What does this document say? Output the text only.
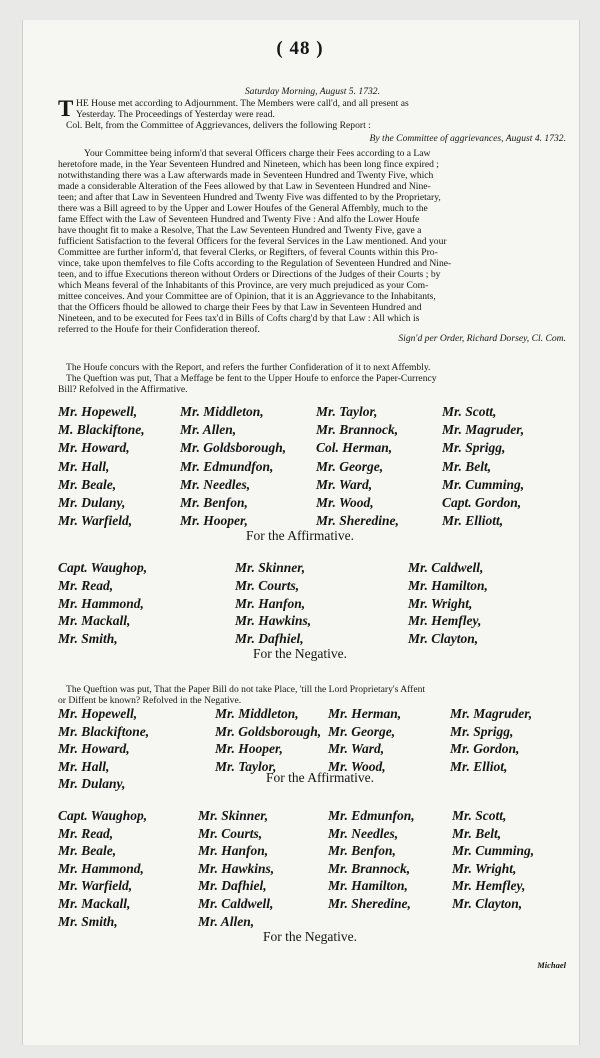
( 48 )
Saturday Morning, August 5. 1732.
T HE House met according to Adjournment. The Members were call'd, and all present as
Yesterday. The Proceedings of Yesterday were read.
Col. Belt, from the Committee of Aggrievances, delivers the following Report :
By the Committee of aggrievances, August 4. 1732.
Your Committee being inform'd that several Officers charge their Fees according to a Law
heretofore made, in the Year Seventeen Hundred and Nineteen, which has been long fince expired ;
notwithstanding there was a Law afterwards made in Seventeen Hundred and Twenty Five, which
made a considerable Alteration of the Fees allowed by that Law in Seventeen Hundred and Nine-
teen; and after that Law in Seventeen Hundred and Twenty Five was diffented to by the Proprietary,
there was a Bill agreed to by the Upper and Lower Houfes of the General Affembly, much to the
fame Effect with the Law of Seventeen Hundred and Twenty Five : And alfo the Lower Houfe
have thought fit to make a Resolve, That the Law Seventeen Hundred and Twenty Five, gave a
fufficient Satisfaction to the feveral Officers for the feveral Services in the Law mentioned. And your
Committee are further inform'd, that feveral Clerks, or Regifters, of feveral Counts within this Pro-
vince, take upon themfelves to file Cofts according to the Regulation of Seventeen Hundred and Nine-
teen, and to iffue Executions thereon without Orders or Directions of the Judges of their Courts ; by
which Means feveral of the Inhabitants of this Province, are very much prejudiced as your Com-
mittee conceives. And your Committee are of Opinion, that it is an Aggrievance to the Inhabitants,
that the Officers fhould be allowed to charge their Fees by that Law in Seventeen Hundred and
Nineteen, and to be executed for Fees tax'd in Bills of Cofts charg'd by that Law : All which is
referred to the Houfe for their Confideration thereof.
Sign'd per Order, Richard Dorsey, Cl. Com.
The Houfe concurs with the Report, and refers the further Confideration of it to next Affembly.
The Queftion was put, That a Meffage be fent to the Upper Houfe to enforce the Paper-Currency
Bill? Refolved in the Affirmative.
Mr. Hopewell,	Mr. Middleton,	Mr. Taylor,	Mr. Scott,
M. Blackiftone,	Mr. Allen,	Mr. Brannock,	Mr. Magruder,
Mr. Howard,	Mr. Goldsborough, Col. Herman,	Mr. Sprigg,
Mr. Hall,	Mr. Edmundfon,	Mr. George,	Mr. Belt,
Mr. Beale,	Mr. Needles,	Mr. Ward,	Mr. Cumming,
Mr. Dulany,	Mr. Benfon,	Mr. Wood,	Capt. Gordon,
Mr. Warfield,	Mr. Hooper,	Mr. Sheredine,	Mr. Elliott,
For the Affirmative.
Capt. Waughop,	Mr. Skinner,	Mr. Caldwell,
Mr. Read,	Mr. Courts,	Mr. Hamilton,
Mr. Hammond,	Mr. Hanfon,	Mr. Wright,
Mr. Mackall,	Mr. Hawkins,	Mr. Hemfley,
Mr. Smith,	Mr. Dafhiel,	Mr. Clayton,
For the Negative.
The Queftion was put, That the Paper Bill do not take Place, 'till the Lord Proprietary's Affent
or Diffent be known? Refolved in the Negative.
Mr. Hopewell,	Mr. Middleton, Mr. Herman,	Mr. Magruder,
Mr. Blackiftone,	Mr. Goldsborough, Mr. George,	Mr. Sprigg,
Mr. Howard,	Mr. Hooper,	Mr. Ward,	Mr. Gordon,
Mr. Hall,	Mr. Taylor,	Mr. Wood,	Mr. Elliot,
Mr. Dulany,	For the Affirmative.
Capt. Waughop,	Mr. Skinner,	Mr. Edmunfon,	Mr. Scott,
Mr. Read,	Mr. Courts,	Mr. Needles,	Mr. Belt,
Mr. Beale,	Mr. Hanfon,	Mr. Benfon,	Mr. Cumming,
Mr. Hammond,	Mr. Hawkins,	Mr. Brannock,	Mr. Wright,
Mr. Warfield,	Mr. Dafhiel,	Mr. Hamilton,	Mr. Hemfley,
Mr. Mackall,	Mr. Caldwell,	Mr. Sheredine,	Mr. Clayton,
Mr. Smith,	Mr. Allen,
For the Negative.
Michael
